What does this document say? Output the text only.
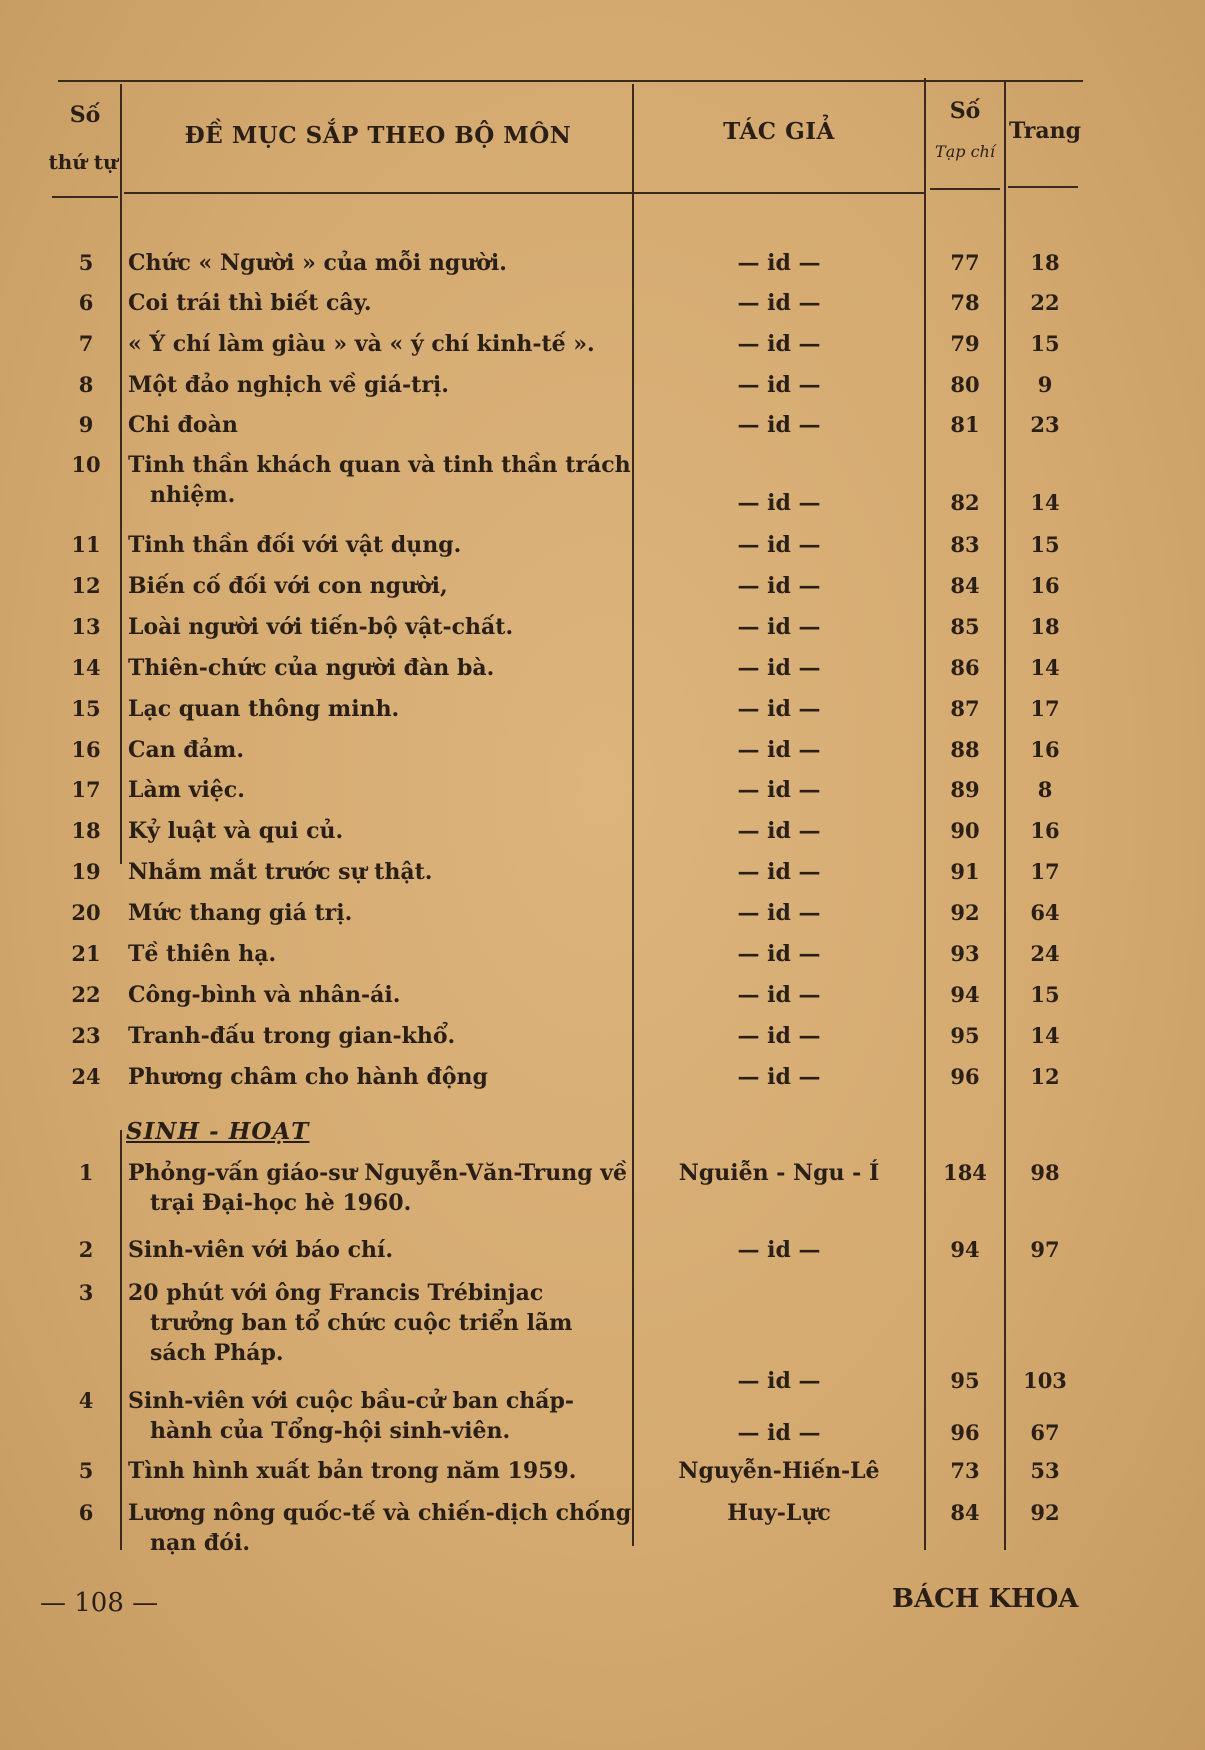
Số
thứ tự
ĐỀ MỤC SẮP THEO BỘ MÔN	TÁC GIẢ
Số
Tạp chí
Trang
5	Chức « Người » của mỗi người.	— id —	77	18
6	Coi trái thì biết cây.	— id —	78	22
7	« Ý chí làm giàu » và « ý chí kinh-tế ».	— id —	79	15
8	Một đảo nghịch về giá-trị.	— id —	80	9
9	Chi đoàn	— id —	81	23
10	Tinh thần khách quan và tinh thần trách
nhiệm.	— id —	82	14
11	Tinh thần đối với vật dụng.	— id —	83	15
12	Biến cố đối với con người,	— id —	84	16
13	Loài người với tiến-bộ vật-chất.	— id —	85	18
14	Thiên-chức của người đàn bà.	— id —	86	14
15	Lạc quan thông minh.	— id —	87	17
16	Can đảm.	— id —	88	16
17	Làm việc.	— id —	89	8
18	Kỷ luật và qui củ.	— id —	90	16
19	Nhắm mắt trước sự thật.	— id —	91	17
20	Mức thang giá trị.	— id —	92	64
21	Tề thiên hạ.	— id —	93	24
22	Công-bình và nhân-ái.	— id —	94	15
23	Tranh-đấu trong gian-khổ.	— id —	95	14
24	Phương châm cho hành động	— id —	96	12
SINH - HOẠT
1	Phỏng-vấn giáo-sư Nguyễn-Văn-Trung về
trại Đại-học hè 1960.
Nguiễn - Ngu - Í	184	98
2	Sinh-viên với báo chí.	— id —	94	97
3	20 phút với ông Francis Trébinjac
trưởng ban tổ chức cuộc triển lãm
sách Pháp.
— id —	95	103
4	Sinh-viên với cuộc bầu-cử ban chấp-
hành của Tổng-hội sinh-viên.	— id —	96	67
5	Tình hình xuất bản trong năm 1959.	Nguyễn-Hiến-Lê	73	53
6	Lương nông quốc-tế và chiến-dịch chống
nạn đói.
Huy-Lực	84	92
— 108 —	BÁCH KHOA
